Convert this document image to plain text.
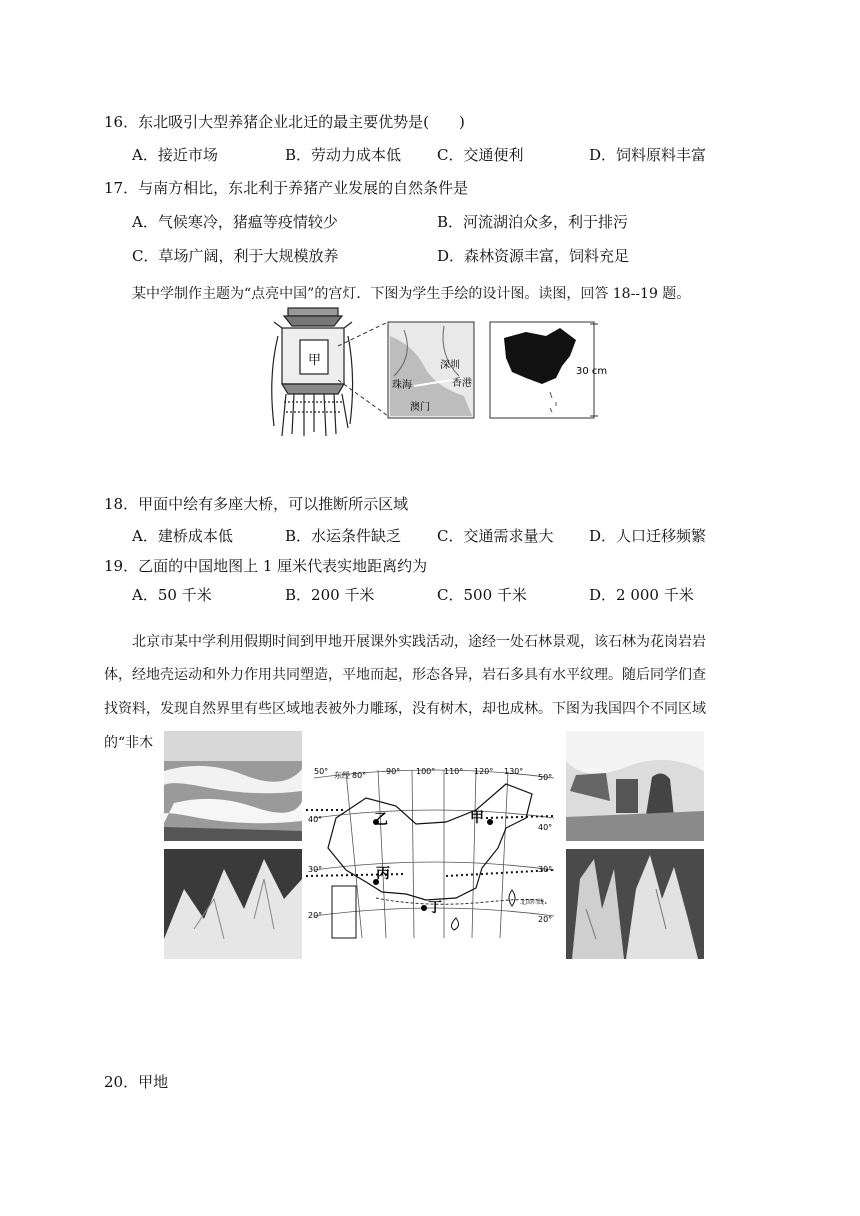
16．东北吸引大型养猪企业北迁的最主要优势是(　　)
A．接近市场	B．劳动力成本低 C．交通便利	D．饲料原料丰富
17．与南方相比，东北利于养猪产业发展的自然条件是
A．气候寒冷，猪瘟等疫情较少	B．河流湖泊众多，利于排污
C．草场广阔，利于大规模放养	D．森林资源丰富，饲料充足
某中学制作主题为“点亮中国”的宫灯．下图为学生手绘的设计图。读图，回答 18--19 题。
甲	深圳
珠海	香港
澳门
30 cm
18．甲面中绘有多座大桥，可以推断所示区域
A．建桥成本低	B．水运条件缺乏 C．交通需求量大 D．人口迁移频繁
19．乙面的中国地图上 1 厘米代表实地距离约为
A．50 千米	B．200 千米	C．500 千米	D．2 000 千米
北京市某中学利用假期时间到甲地开展课外实践活动，途经一处石林景观，该石林为花岗岩岩
体，经地壳运动和外力作用共同塑造，平地而起，形态各异，岩石多具有水平纹理。随后同学们查
找资料，发现自然界里有些区域地表被外力雕琢，没有树木，却也成林。下图为我国四个不同区域
的“非木
东经 80° 90° 100° 110° 120° 130°
50°
40°
30°
20°
50°
40°
30°
20°
甲
乙
丙
丁	北回归线
20．甲地
